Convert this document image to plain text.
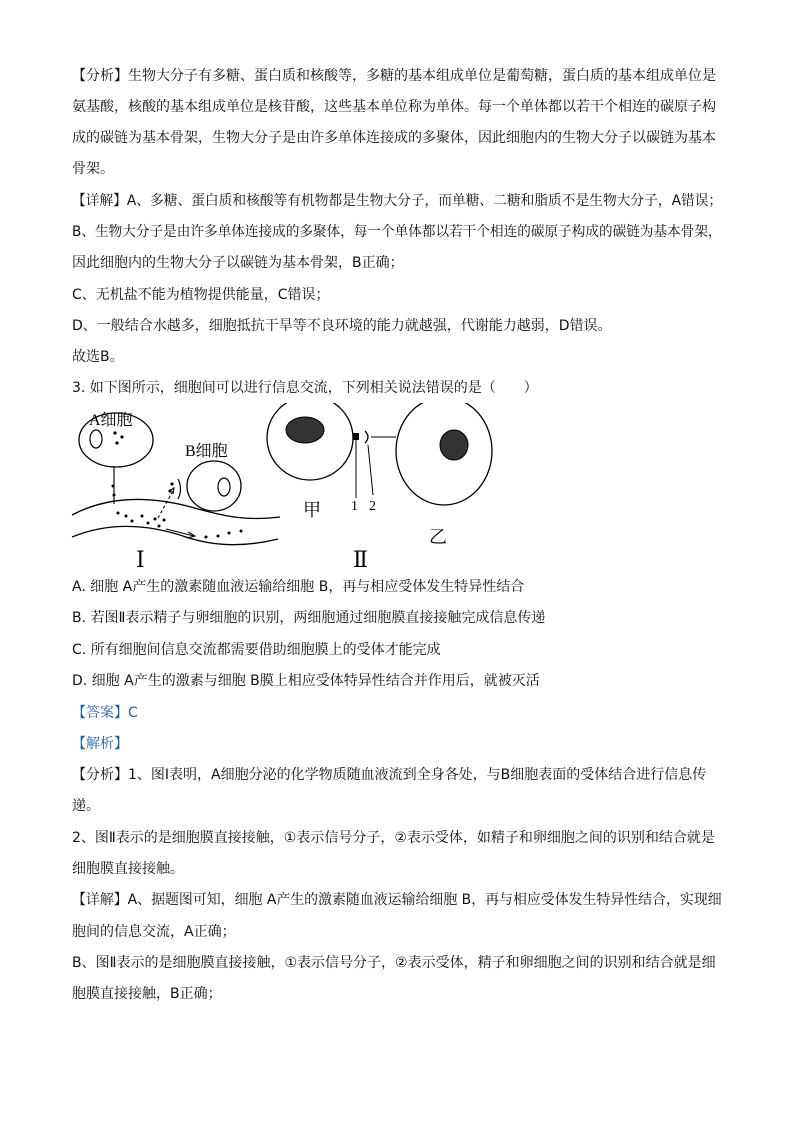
【分析】生物大分子有多糖、蛋白质和核酸等，多糖的基本组成单位是葡萄糖，蛋白质的基本组成单位是
氨基酸，核酸的基本组成单位是核苷酸，这些基本单位称为单体。每一个单体都以若干个相连的碳原子构
成的碳链为基本骨架，生物大分子是由许多单体连接成的多聚体，因此细胞内的生物大分子以碳链为基本
骨架。
【详解】A、多糖、蛋白质和核酸等有机物都是生物大分子，而单糖、二糖和脂质不是生物大分子，A错误；
B、生物大分子是由许多单体连接成的多聚体，每一个单体都以若干个相连的碳原子构成的碳链为基本骨架，
因此细胞内的生物大分子以碳链为基本骨架，B正确；
C、无机盐不能为植物提供能量，C错误；
D、一般结合水越多，细胞抵抗干旱等不良环境的能力就越强，代谢能力越弱，D错误。
故选B。
3. 如下图所示，细胞间可以进行信息交流，下列相关说法错误的是（　　）
A细胞
B细胞
Ⅰ
1 2
甲
乙
Ⅱ
A. 细胞 A产生的激素随血液运输给细胞 B，再与相应受体发生特异性结合
B. 若图Ⅱ表示精子与卵细胞的识别，两细胞通过细胞膜直接接触完成信息传递
C. 所有细胞间信息交流都需要借助细胞膜上的受体才能完成
D. 细胞 A产生的激素与细胞 B膜上相应受体特异性结合并作用后，就被灭活
【答案】C
【解析】
【分析】1、图Ⅰ表明，A细胞分泌的化学物质随血液流到全身各处，与B细胞表面的受体结合进行信息传
递。
2、图Ⅱ表示的是细胞膜直接接触，①表示信号分子，②表示受体，如精子和卵细胞之间的识别和结合就是
细胞膜直接接触。
【详解】A、据题图可知，细胞 A产生的激素随血液运输给细胞 B，再与相应受体发生特异性结合，实现细
胞间的信息交流，A正确；
B、图Ⅱ表示的是细胞膜直接接触，①表示信号分子，②表示受体，精子和卵细胞之间的识别和结合就是细
胞膜直接接触，B正确；
